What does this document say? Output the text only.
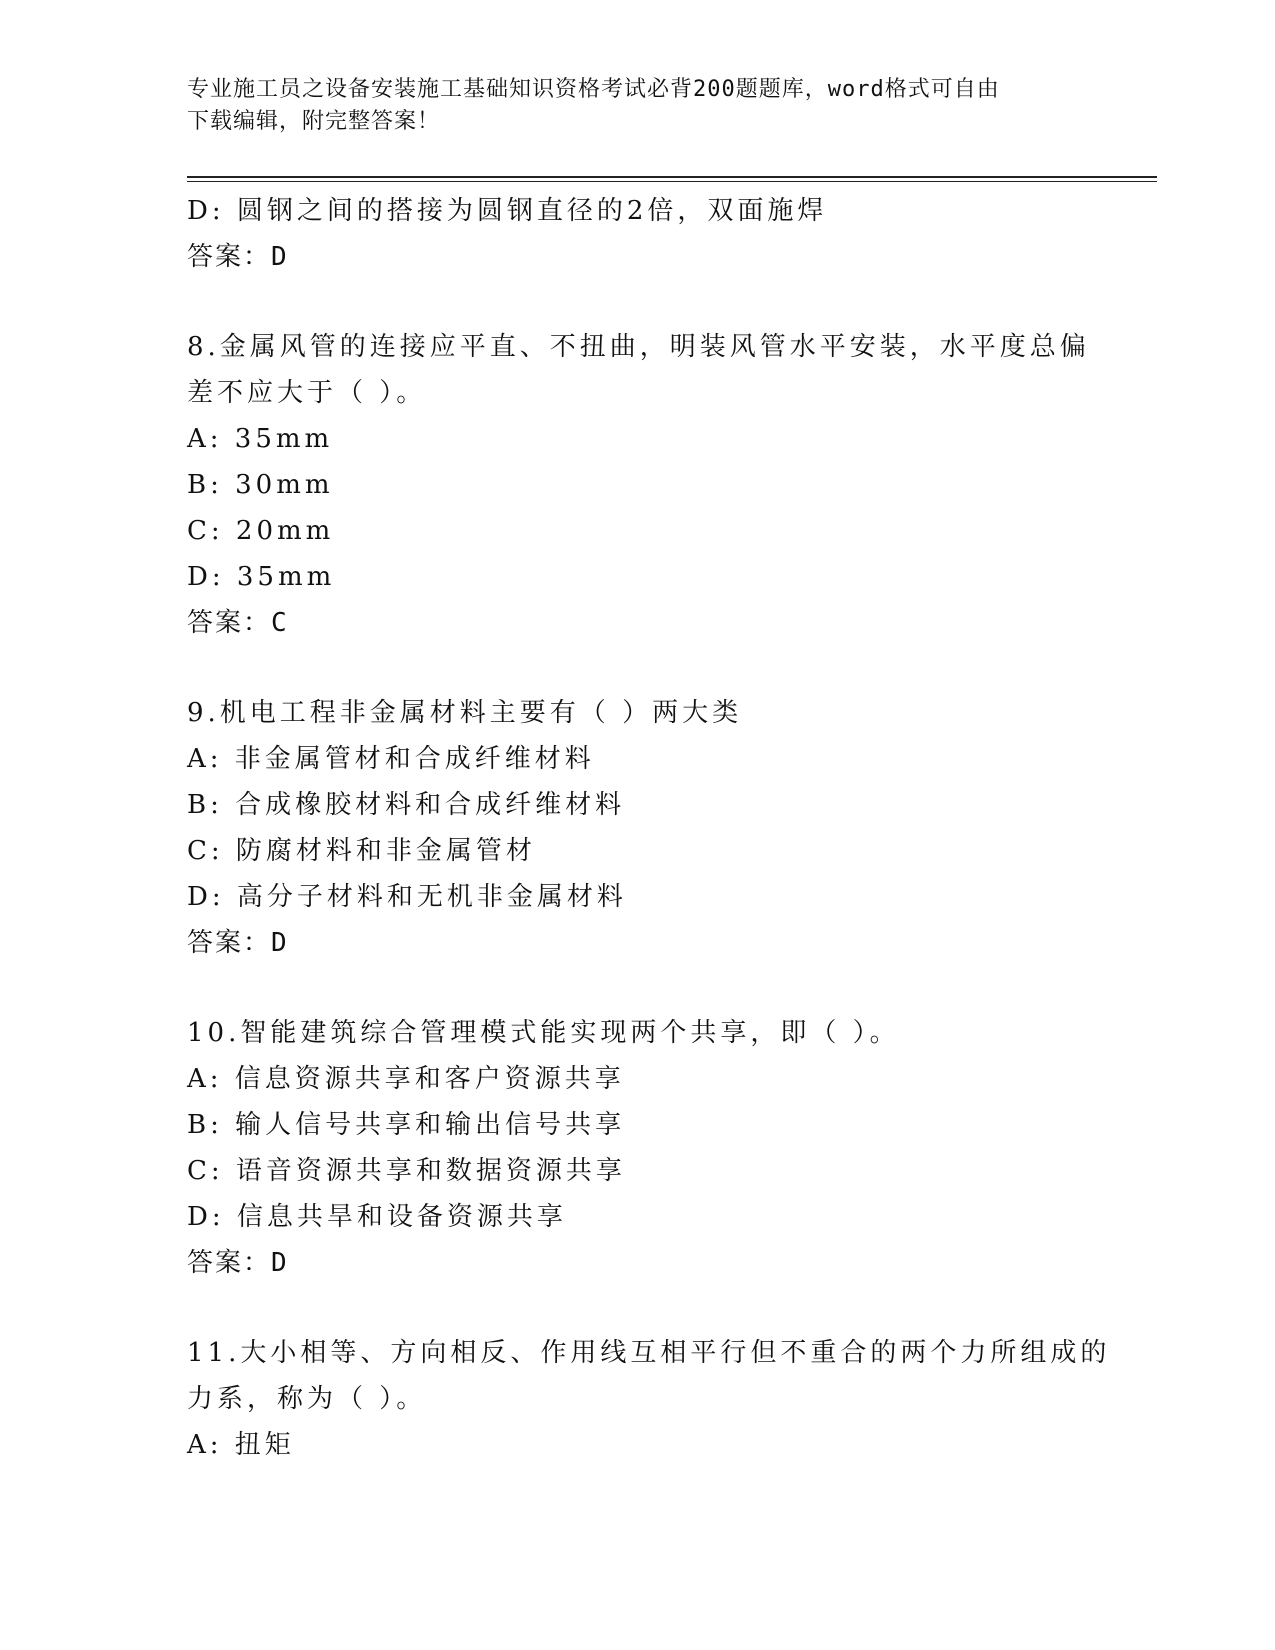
专业施工员之设备安装施工基础知识资格考试必背200题题库，word格式可自由
下载编辑，附完整答案！
D: 圆钢之间的搭接为圆钢直径的2倍，双面施焊
答案：D
8.金属风管的连接应平直、不扭曲，明装风管水平安装，水平度总偏
差不应大于（ ）。
A: 35mm
B: 30mm
C: 20mm
D: 35mm
答案：C
9.机电工程非金属材料主要有（ ）两大类
A: 非金属管材和合成纤维材料
B: 合成橡胶材料和合成纤维材料
C: 防腐材料和非金属管材
D: 高分子材料和无机非金属材料
答案：D
10.智能建筑综合管理模式能实现两个共享，即（ ）。
A: 信息资源共享和客户资源共享
B: 输人信号共享和输出信号共享
C: 语音资源共享和数据资源共享
D: 信息共旱和设备资源共享
答案：D
11.大小相等、方向相反、作用线互相平行但不重合的两个力所组成的
力系，称为（ ）。
A: 扭矩
